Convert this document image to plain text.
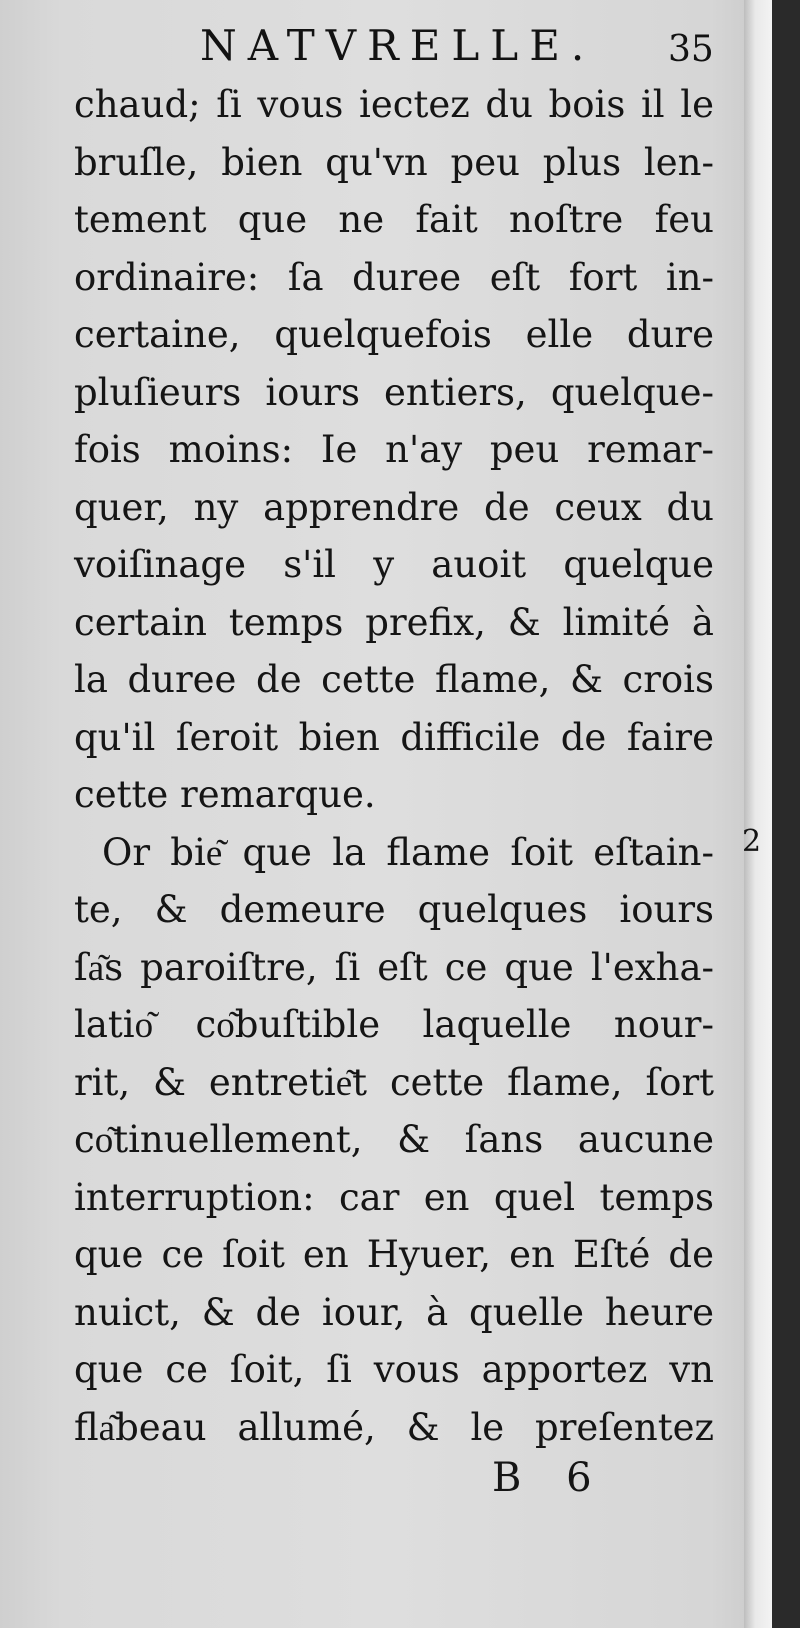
NATVRELLE. 35
chaud; ſi vous iectez du bois il le
bruſle, bien qu'vn peu plus len-
tement que ne fait noſtre feu
ordinaire: ſa duree eſt fort in-
certaine, quelquefois elle dure
pluſieurs iours entiers, quelque-
fois moins: Ie n'ay peu remar-
quer, ny apprendre de ceux du
voiſinage s'il y auoit quelque
certain temps prefix, & limité à
la duree de cette flame, & crois
qu'il ſeroit bien difficile de faire
cette remarque.
Or bie͂ que la flame ſoit eſtain-
te, & demeure quelques iours
ſa͂s paroiſtre, ſi eſt ce que l'exha-
latio͂ co͂buſtible laquelle nour-
rit, & entretie͂t cette flame, ſort
co͂tinuellement, & ſans aucune
interruption: car en quel temps
que ce ſoit en Hyuer, en Eſté de
nuict, & de iour, à quelle heure
que ce ſoit, ſi vous apportez vn
fla͂beau allumé, & le preſentez
2
B 6
